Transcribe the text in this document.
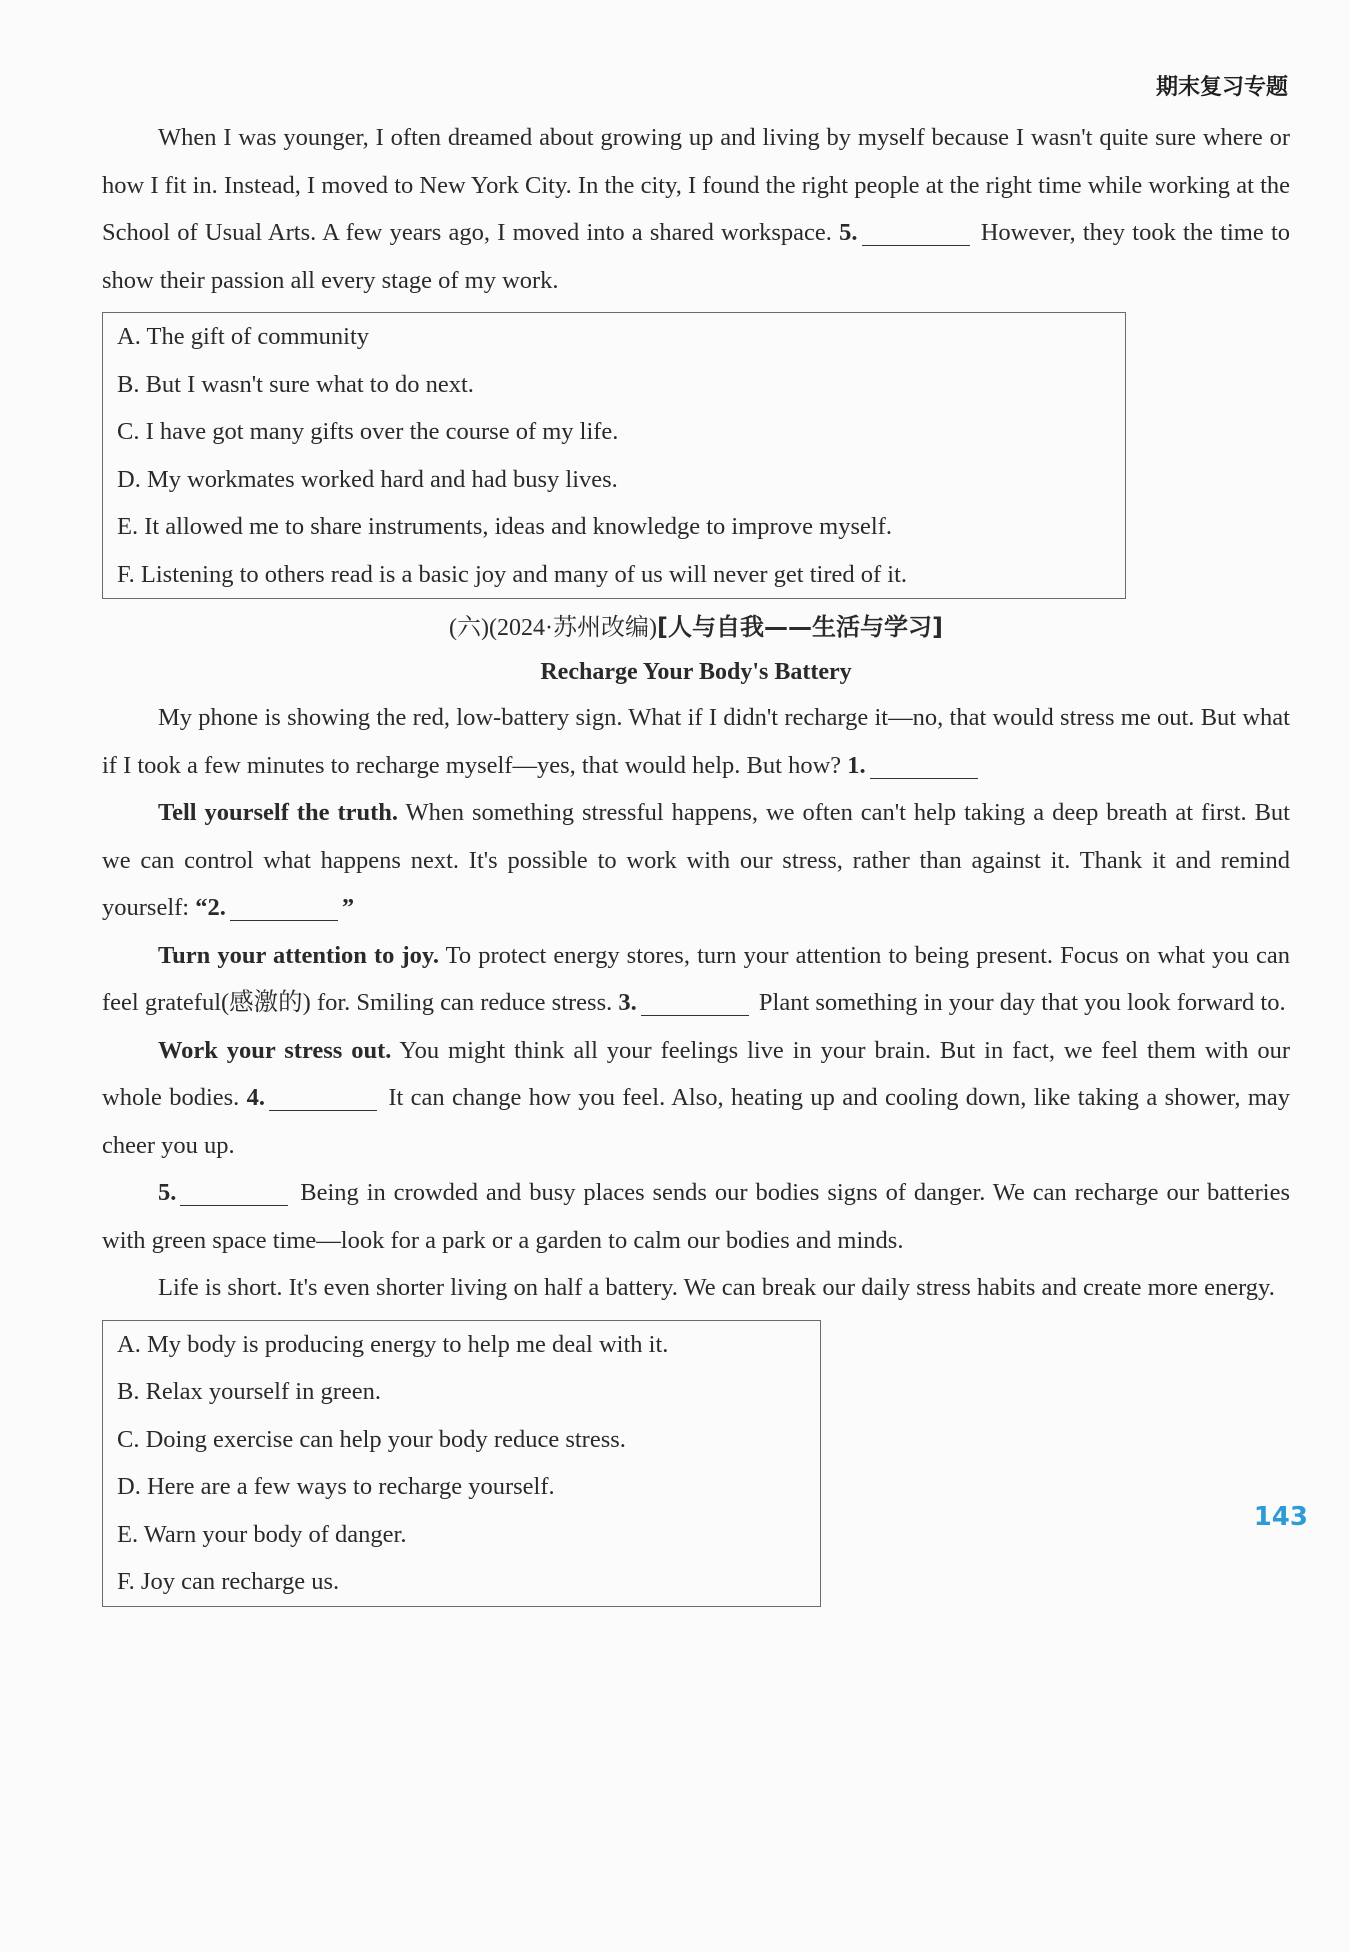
期末复习专题

When I was younger, I often dreamed about growing up and living by myself because I wasn't quite sure where or how I fit in. Instead, I moved to New York City. In the city, I found the right people at the right time while working at the School of Usual Arts. A few years ago, I moved into a shared workspace. 5.	However, they took the time to show their passion all every stage of my work.

A. The gift of community
B. But I wasn't sure what to do next.
C. I have got many gifts over the course of my life.
D. My workmates worked hard and had busy lives.
E. It allowed me to share instruments, ideas and knowledge to improve myself.
F. Listening to others read is a basic joy and many of us will never get tired of it.
(六)(2024·苏州改编)[人与自我——生活与学习]
Recharge Your Body's Battery

My phone is showing the red, low-battery sign. What if I didn't recharge it—no, that would stress me out. But what if I took a few minutes to recharge myself—yes, that would help. But how? 1.

Tell yourself the truth. When something stressful happens, we often can't help taking a deep breath at first. But we can control what happens next. It's possible to work with our stress, rather than against it. Thank it and remind yourself: “2.	”

Turn your attention to joy. To protect energy stores, turn your attention to being present. Focus on what you can feel grateful(感激的) for. Smiling can reduce stress. 3.	Plant something in your day that you look forward to.

Work your stress out. You might think all your feelings live in your brain. But in fact, we feel them with our whole bodies. 4.	It can change how you feel. Also, heating up and cooling down, like taking a shower, may cheer you up.

5.	Being in crowded and busy places sends our bodies signs of danger. We can recharge our batteries with green space time—look for a park or a garden to calm our bodies and minds.

Life is short. It's even shorter living on half a battery. We can break our daily stress habits and create more energy.

A. My body is producing energy to help me deal with it.
B. Relax yourself in green.
C. Doing exercise can help your body reduce stress.
D. Here are a few ways to recharge yourself.
E. Warn your body of danger.
F. Joy can recharge us.
143
